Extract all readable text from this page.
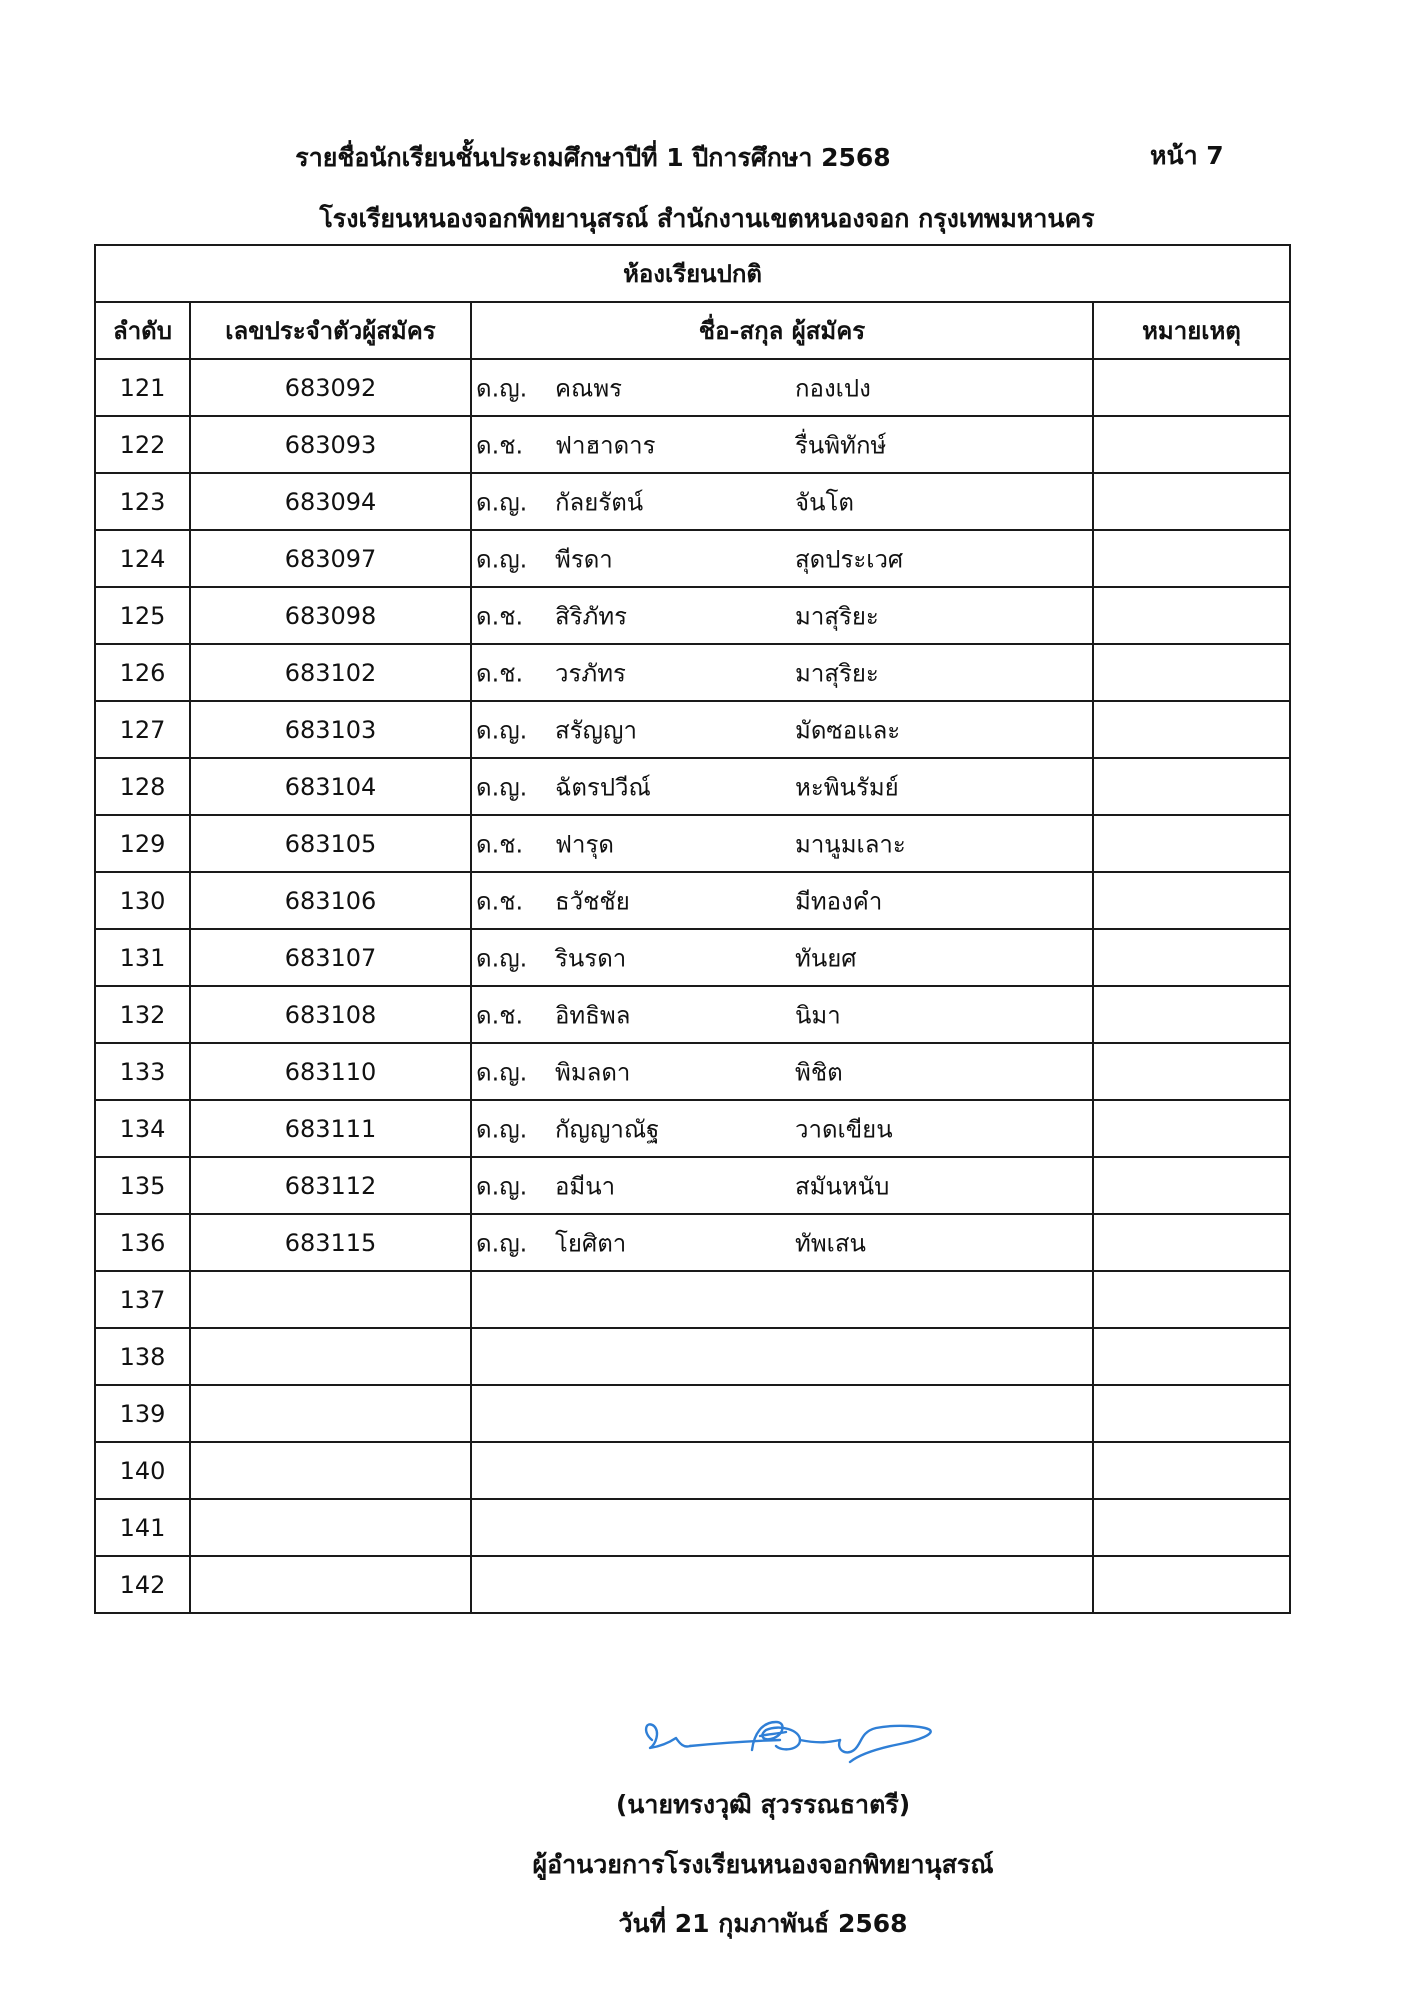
รายชื่อนักเรียนชั้นประถมศึกษาปีที่ 1 ปีการศึกษา 2568	หน้า 7
โรงเรียนหนองจอกพิทยานุสรณ์ สำนักงานเขตหนองจอก กรุงเทพมหานคร
ห้องเรียนปกติ			
ลำดับ	เลขประจำตัวผู้สมัคร	ชื่อ-สกุล ผู้สมัคร	หมายเหตุ
121	683092	ด.ญ. คณพร กองเปง	

122	683093	ด.ช. ฟาฮาดาร รื่นพิทักษ์	

123	683094	ด.ญ. กัลยรัตน์ จันโต	

124	683097	ด.ญ. พีรดา สุดประเวศ	

125	683098	ด.ช. สิริภัทร มาสุริยะ	

126	683102	ด.ช. วรภัทร มาสุริยะ	

127	683103	ด.ญ. สรัญญา มัดซอและ	

128	683104	ด.ญ. ฉัตรปวีณ์ หะพินรัมย์	

129	683105	ด.ช. ฟารุด มานูมเลาะ	

130	683106	ด.ช. ธวัชชัย มีทองคำ	

131	683107	ด.ญ. รินรดา ทันยศ	

132	683108	ด.ช. อิทธิพล นิมา	

133	683110	ด.ญ. พิมลดา พิชิต	

134	683111	ด.ญ. กัญญาณัฐ วาดเขียน	

135	683112	ด.ญ. อมีนา สมันหนับ	

136	683115	ด.ญ. โยศิตา ทัพเสน	

137		

138		

139		

140		

141		

142		

(นายทรงวุฒิ สุวรรณธาตรี)
ผู้อำนวยการโรงเรียนหนองจอกพิทยานุสรณ์
วันที่ 21 กุมภาพันธ์ 2568
